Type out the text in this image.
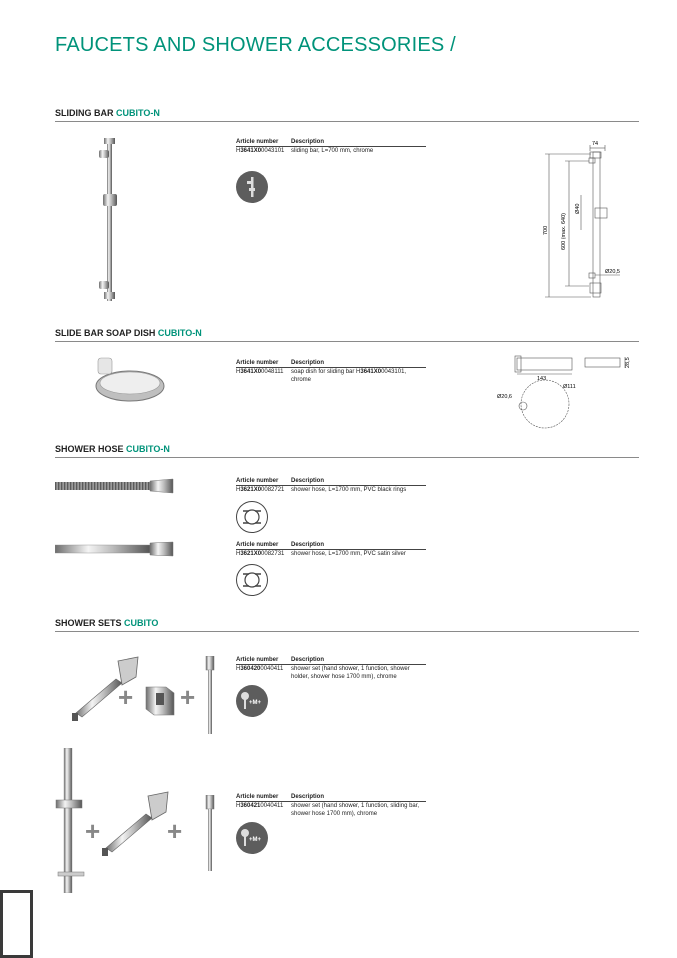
FAUCETS AND SHOWER ACCESSORIES /
SLIDING BAR CUBITO-N
Article number	Description
H3641X00043101	sliding bar, L=700 mm, chrome
700 600 (max. 640)
Ø40
74
Ø20,5
SLIDE BAR SOAP DISH CUBITO-N
Article number	Description
H3641X00048111	soap dish for sliding bar H3641X00043101, chrome	143
Ø111
Ø20,6
28,5
SHOWER HOSE CUBITO-N
Article number	Description
H3621X00082721	shower hose, L=1700 mm, PVC black rings
Article number	Description
H3621X00082731	shower hose, L=1700 mm, PVC satin silver
SHOWER SETS CUBITO
+ +
Article number	Description
H3604200040411	shower set (hand shower, 1 function, shower holder, shower hose 1700 mm), chrome
+M+
+	+
Article number	Description
H3604210040411	shower set (hand shower, 1 function, sliding bar, shower hose 1700 mm), chrome
+M+
